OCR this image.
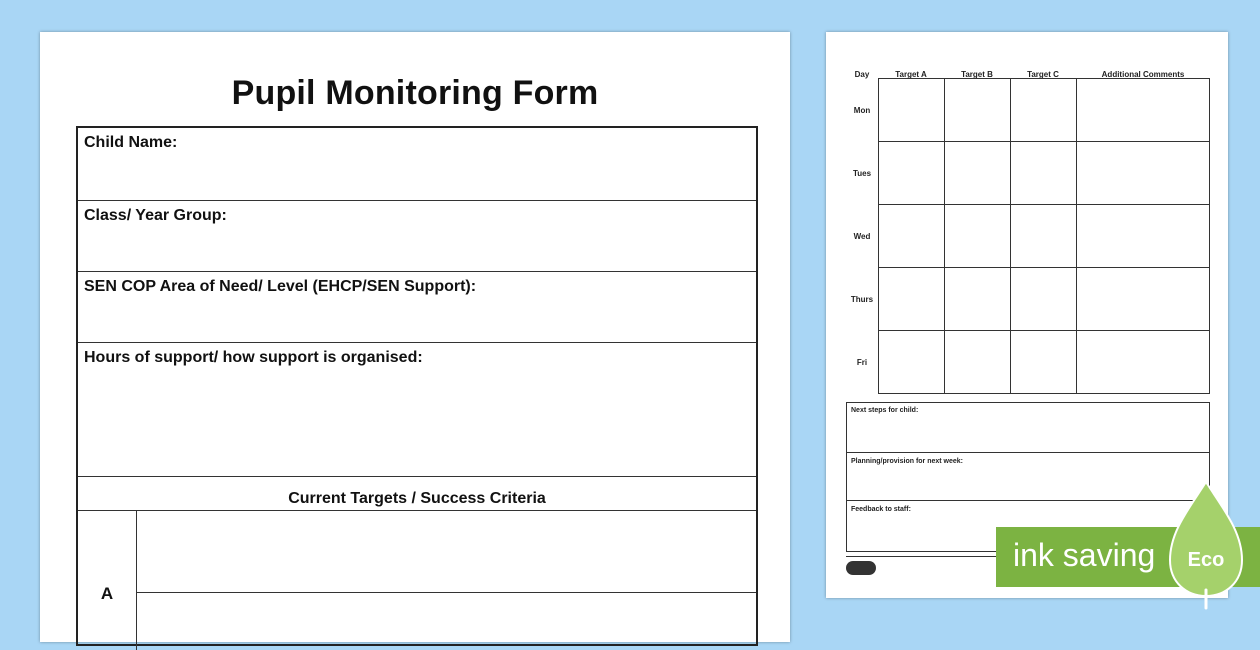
Pupil Monitoring Form
Child Name:
Class/ Year Group:
SEN COP Area of Need/ Level (EHCP/SEN Support):
Hours of support/ how support is organised:
Current Targets / Success Criteria
A
Day	Target A	Target B	Target C	Additional Comments
Mon
Tues
Wed
Thurs
Fri
Next steps for child:
Planning/provision for next week:
Feedback to staff:
ink saving Eco
